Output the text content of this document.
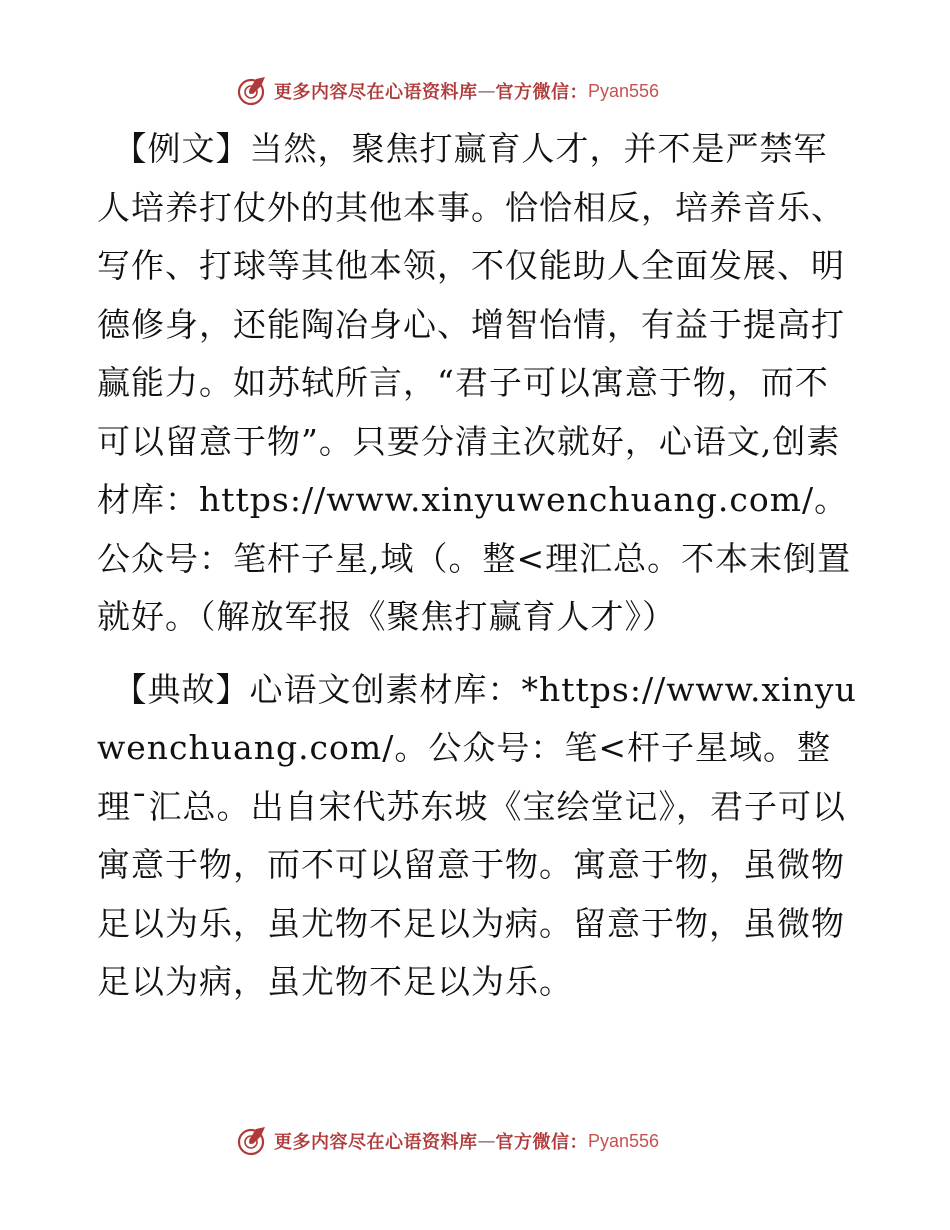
更多内容尽在心语资料库 — 官方微信： Pyan556

【例文】当然，聚焦打赢育人才，并不是严禁军人培养打仗外的其他本事。恰恰相反，培养音乐、写作、打球等其他本领，不仅能助人全面发展、明德修身，还能陶冶身心、增智怡情，有益于提高打赢能力。如苏轼所言，“君子可以寓意于物，而不可以留意于物”。只要分清主次就好，心语文,创素材库：https://www.xinyuwenchuang.com/。公众号：笔杆子星,域（。整<理汇总。不本末倒置就好。（解放军报《聚焦打赢育人才》）

【典故】心语文创素材库：*https://www.xinyuwenchuang.com/。公众号：笔<杆子星域。整理¯汇总。出自宋代苏东坡《宝绘堂记》，君子可以寓意于物，而不可以留意于物。寓意于物，虽微物足以为乐，虽尤物不足以为病。留意于物，虽微物足以为病，虽尤物不足以为乐。

更多内容尽在心语资料库 — 官方微信： Pyan556
